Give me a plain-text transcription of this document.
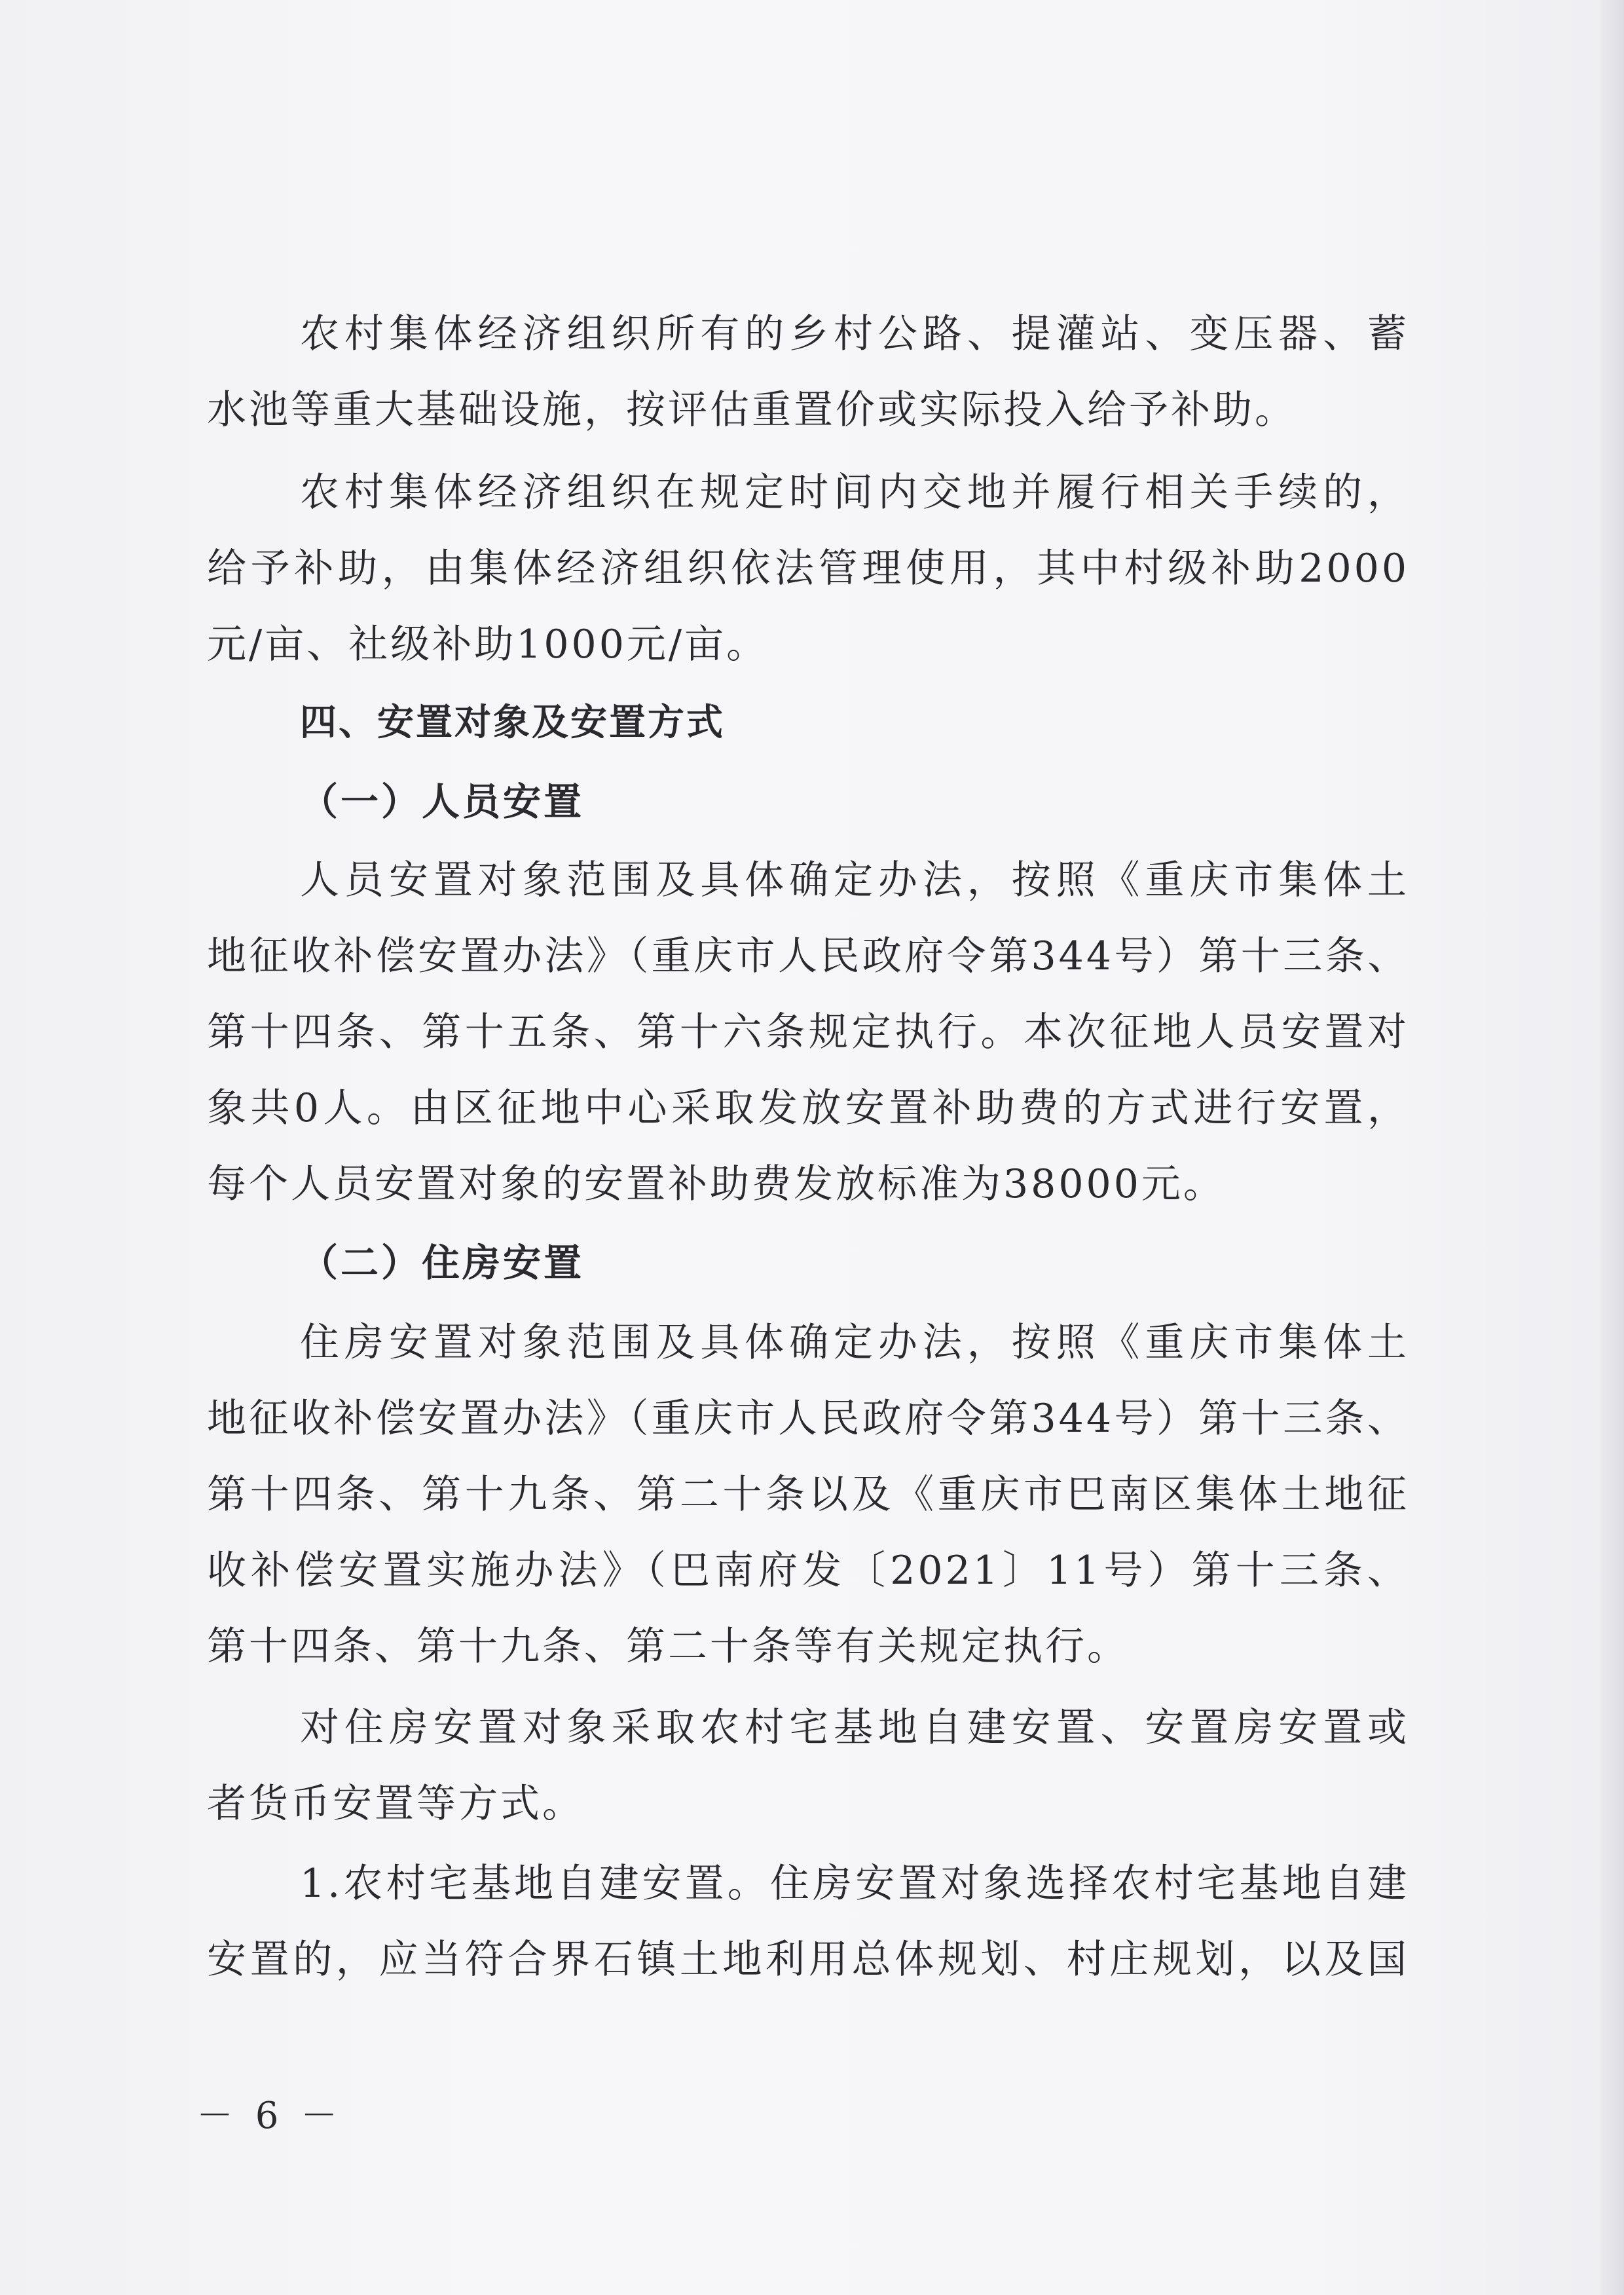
农村集体经济组织所有的乡村公路、提灌站、变压器、蓄
水池等重大基础设施，按评估重置价或实际投入给予补助。
农村集体经济组织在规定时间内交地并履行相关手续的，
给予补助，由集体经济组织依法管理使用，其中村级补助2000
元/亩、社级补助1000元/亩。
四、安置对象及安置方式
（一）人员安置
人员安置对象范围及具体确定办法，按照《重庆市集体土
地征收补偿安置办法》（重庆市人民政府令第344号）第十三条、
第十四条、第十五条、第十六条规定执行。本次征地人员安置对
象共0人。由区征地中心采取发放安置补助费的方式进行安置，
每个人员安置对象的安置补助费发放标准为38000元。
（二）住房安置
住房安置对象范围及具体确定办法，按照《重庆市集体土
地征收补偿安置办法》（重庆市人民政府令第344号）第十三条、
第十四条、第十九条、第二十条以及《重庆市巴南区集体土地征
收补偿安置实施办法》（巴南府发〔2021〕11号）第十三条、
第十四条、第十九条、第二十条等有关规定执行。
对住房安置对象采取农村宅基地自建安置、安置房安置或
者货币安置等方式。
1.农村宅基地自建安置。住房安置对象选择农村宅基地自建
安置的，应当符合界石镇土地利用总体规划、村庄规划，以及国
－ 6 －
